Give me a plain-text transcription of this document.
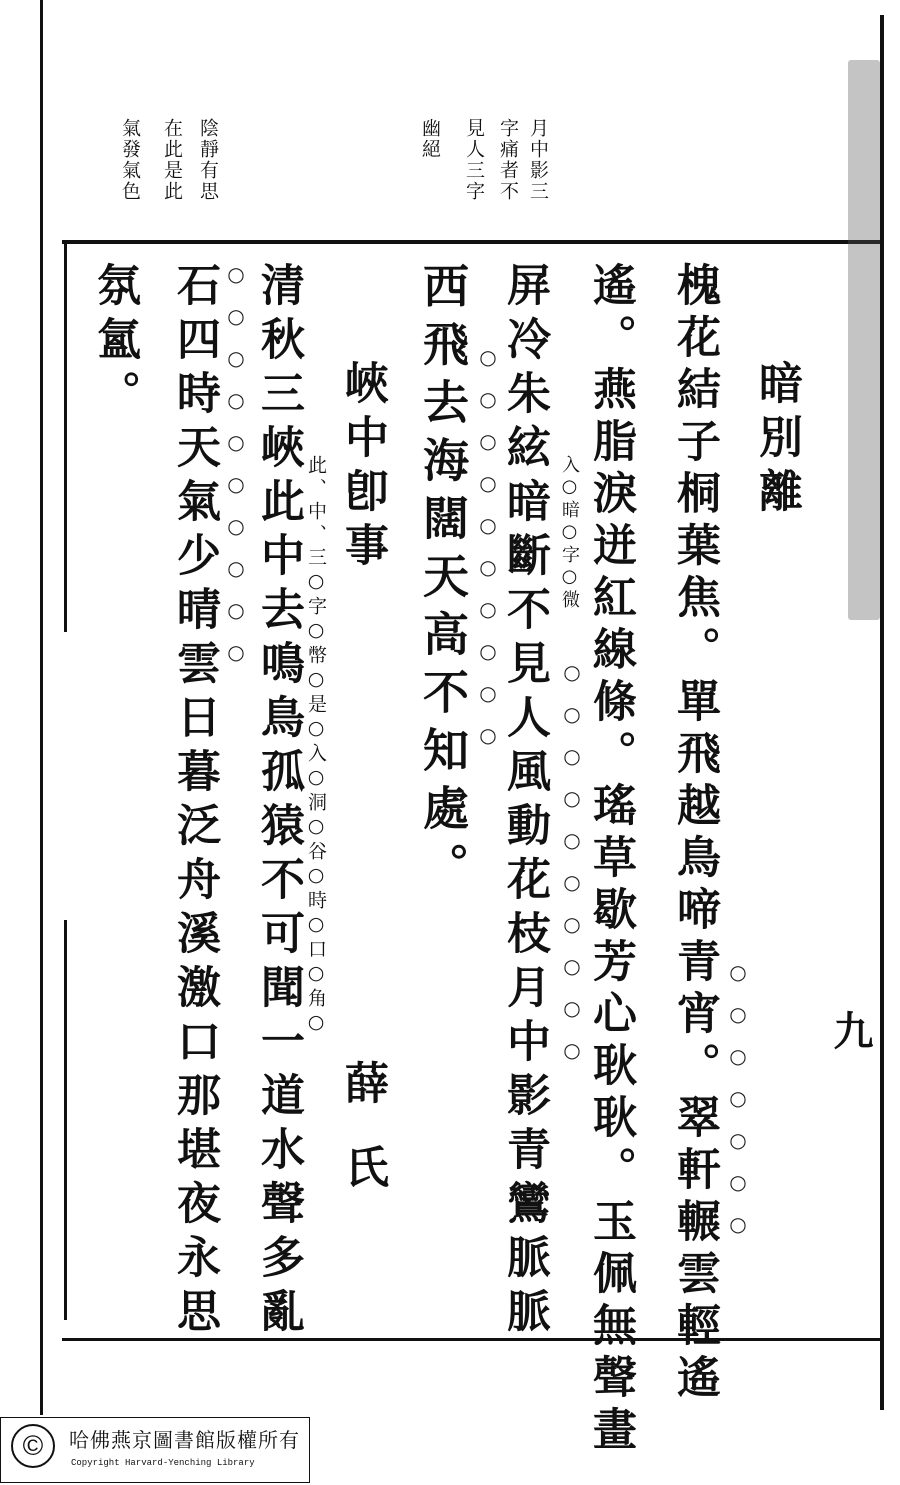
月中影三
字痛者不
見人三字
幽絕
陰靜有思
在此是此
氣發氣色
暗別離
槐花結子桐葉焦。單飛越鳥啼青宵。翠軒輾雲輕遙
遙。燕脂淚迸紅線條。瑤草歇芳心耿耿。玉佩無聲畫
屏冷朱絃暗斷不見人風動花枝月中影青鸞脈脈
西飛去海闊天高不知處。
峽中卽事
薛氏
清秋三峽此中去鳴鳥孤猿不可聞一道水聲多亂
石四時天氣少晴雲日暮泛舟溪激口那堪夜永思
氛氳。
入○暗○字○微
此、中、三○字○幣○是○入○洞○谷○時○口○角○
○○○○○○○
○○○○○○○○○○
○○○○○○○○○○
○○○○○○○○○○
九
©	哈佛燕京圖書館版權所有
Copyright Harvard-Yenching Library
